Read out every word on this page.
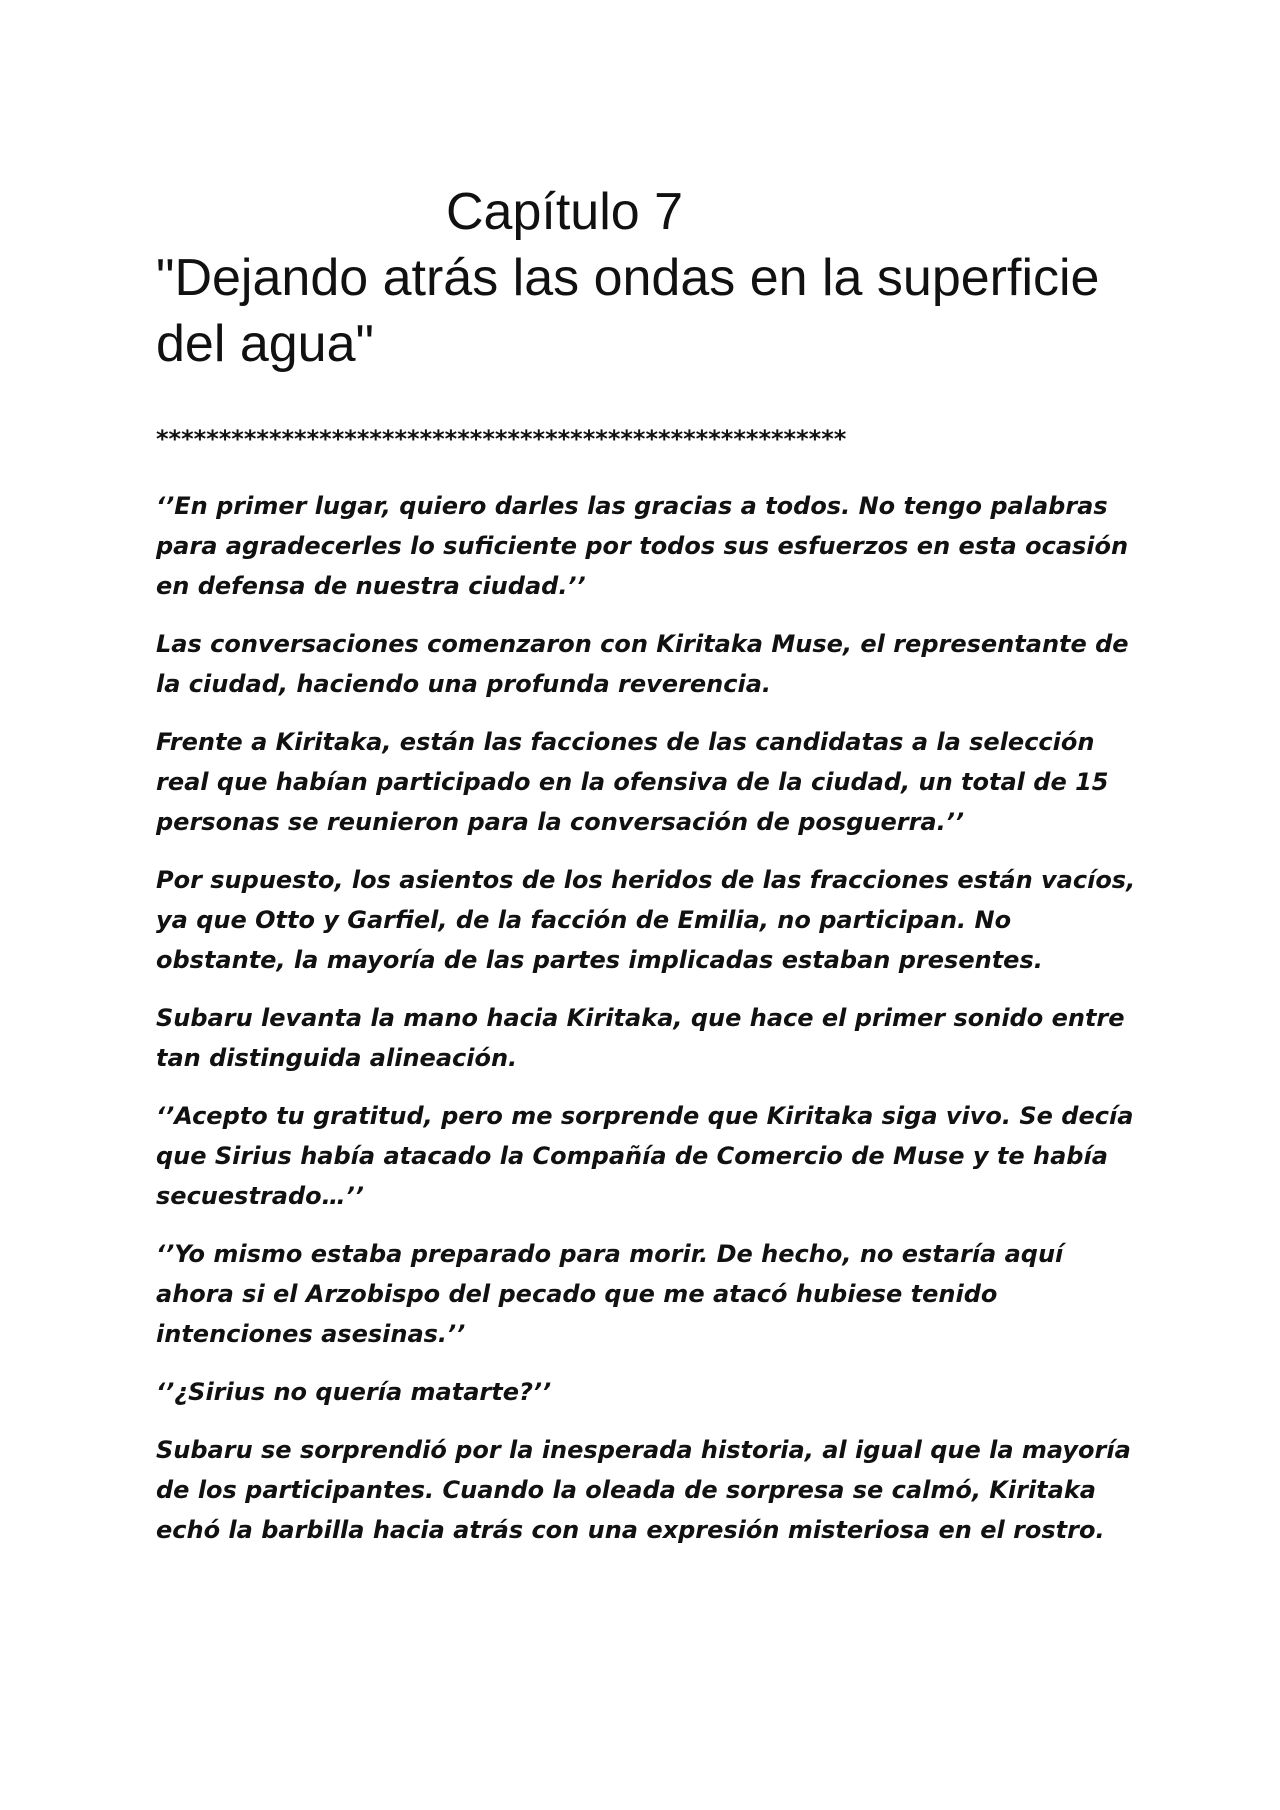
Capítulo 7
"Dejando atrás las ondas en la superficie del agua"
*******************************************************

‘’En primer lugar, quiero darles las gracias a todos. No tengo palabras para agradecerles lo suficiente por todos sus esfuerzos en esta ocasión en defensa de nuestra ciudad.’’

Las conversaciones comenzaron con Kiritaka Muse, el representante de la ciudad, haciendo una profunda reverencia.

Frente a Kiritaka, están las facciones de las candidatas a la selección real que habían participado en la ofensiva de la ciudad, un total de 15 personas se reunieron para la conversación de posguerra.’’

Por supuesto, los asientos de los heridos de las fracciones están vacíos, ya que Otto y Garfiel, de la facción de Emilia, no participan. No obstante, la mayoría de las partes implicadas estaban presentes.

Subaru levanta la mano hacia Kiritaka, que hace el primer sonido entre tan distinguida alineación.

‘’Acepto tu gratitud, pero me sorprende que Kiritaka siga vivo. Se decía que Sirius había atacado la Compañía de Comercio de Muse y te había secuestrado…’’

‘’Yo mismo estaba preparado para morir. De hecho, no estaría aquí ahora si el Arzobispo del pecado que me atacó hubiese tenido intenciones asesinas.’’

‘’¿Sirius no quería matarte?’’

Subaru se sorprendió por la inesperada historia, al igual que la mayoría de los participantes. Cuando la oleada de sorpresa se calmó, Kiritaka echó la barbilla hacia atrás con una expresión misteriosa en el rostro.
